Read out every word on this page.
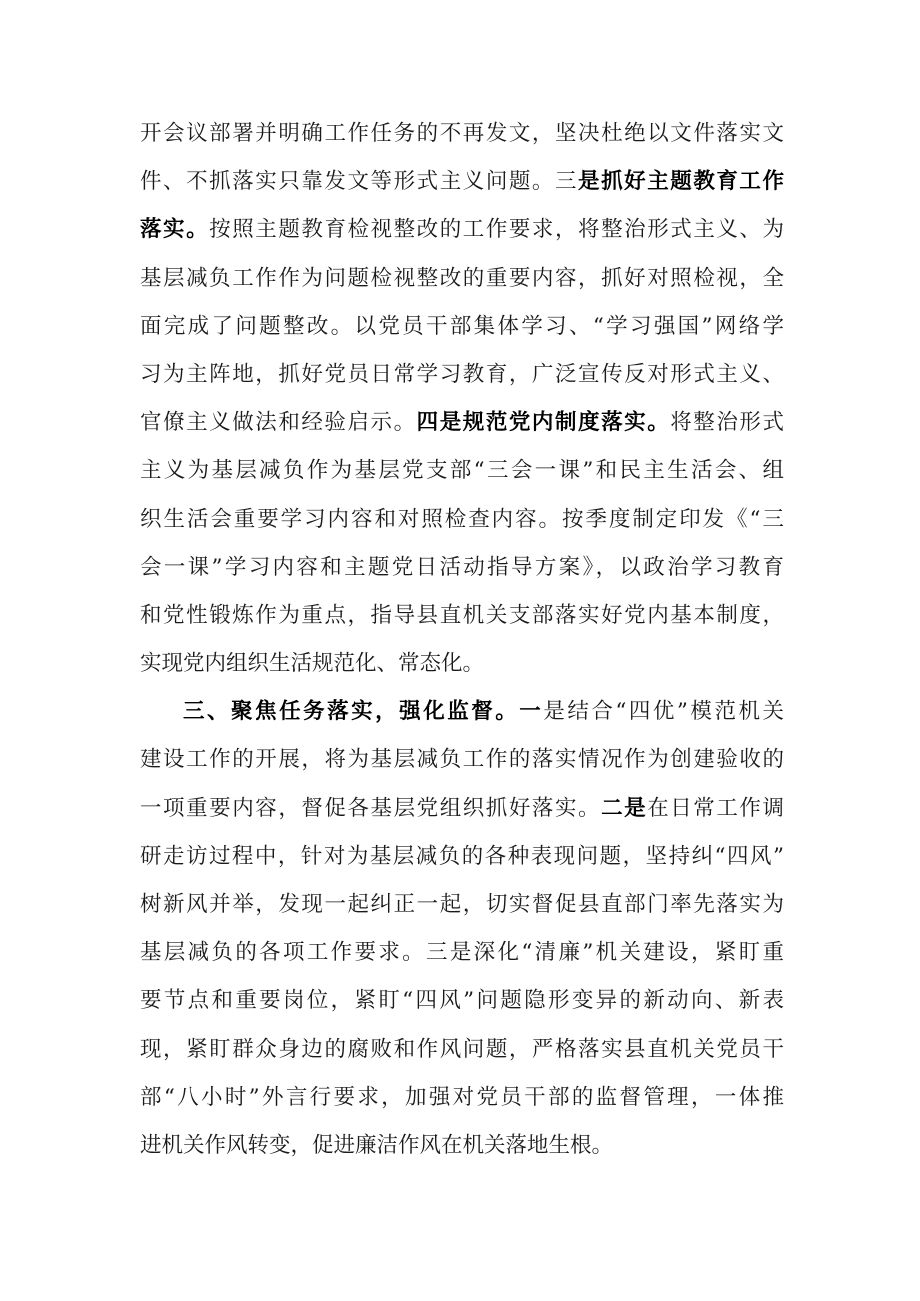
开会议部署并明确工作任务的不再发文，坚决杜绝以文件落实文
件、不抓落实只靠发文等形式主义问题。三是抓好主题教育工作
落实。按照主题教育检视整改的工作要求，将整治形式主义、为
基层减负工作作为问题检视整改的重要内容，抓好对照检视，全
面完成了问题整改。以党员干部集体学习、“学习强国”网络学
习为主阵地，抓好党员日常学习教育，广泛宣传反对形式主义、
官僚主义做法和经验启示。四是规范党内制度落实。将整治形式
主义为基层减负作为基层党支部“三会一课”和民主生活会、组
织生活会重要学习内容和对照检查内容。按季度制定印发《“三
会一课”学习内容和主题党日活动指导方案》，以政治学习教育
和党性锻炼作为重点，指导县直机关支部落实好党内基本制度，
实现党内组织生活规范化、常态化。
三、聚焦任务落实，强化监督。一是结合“四优”模范机关
建设工作的开展，将为基层减负工作的落实情况作为创建验收的
一项重要内容，督促各基层党组织抓好落实。二是在日常工作调
研走访过程中，针对为基层减负的各种表现问题，坚持纠“四风”
树新风并举，发现一起纠正一起，切实督促县直部门率先落实为
基层减负的各项工作要求。三是深化“清廉”机关建设，紧盯重
要节点和重要岗位，紧盯“四风”问题隐形变异的新动向、新表
现，紧盯群众身边的腐败和作风问题，严格落实县直机关党员干
部“八小时”外言行要求，加强对党员干部的监督管理，一体推
进机关作风转变，促进廉洁作风在机关落地生根。
